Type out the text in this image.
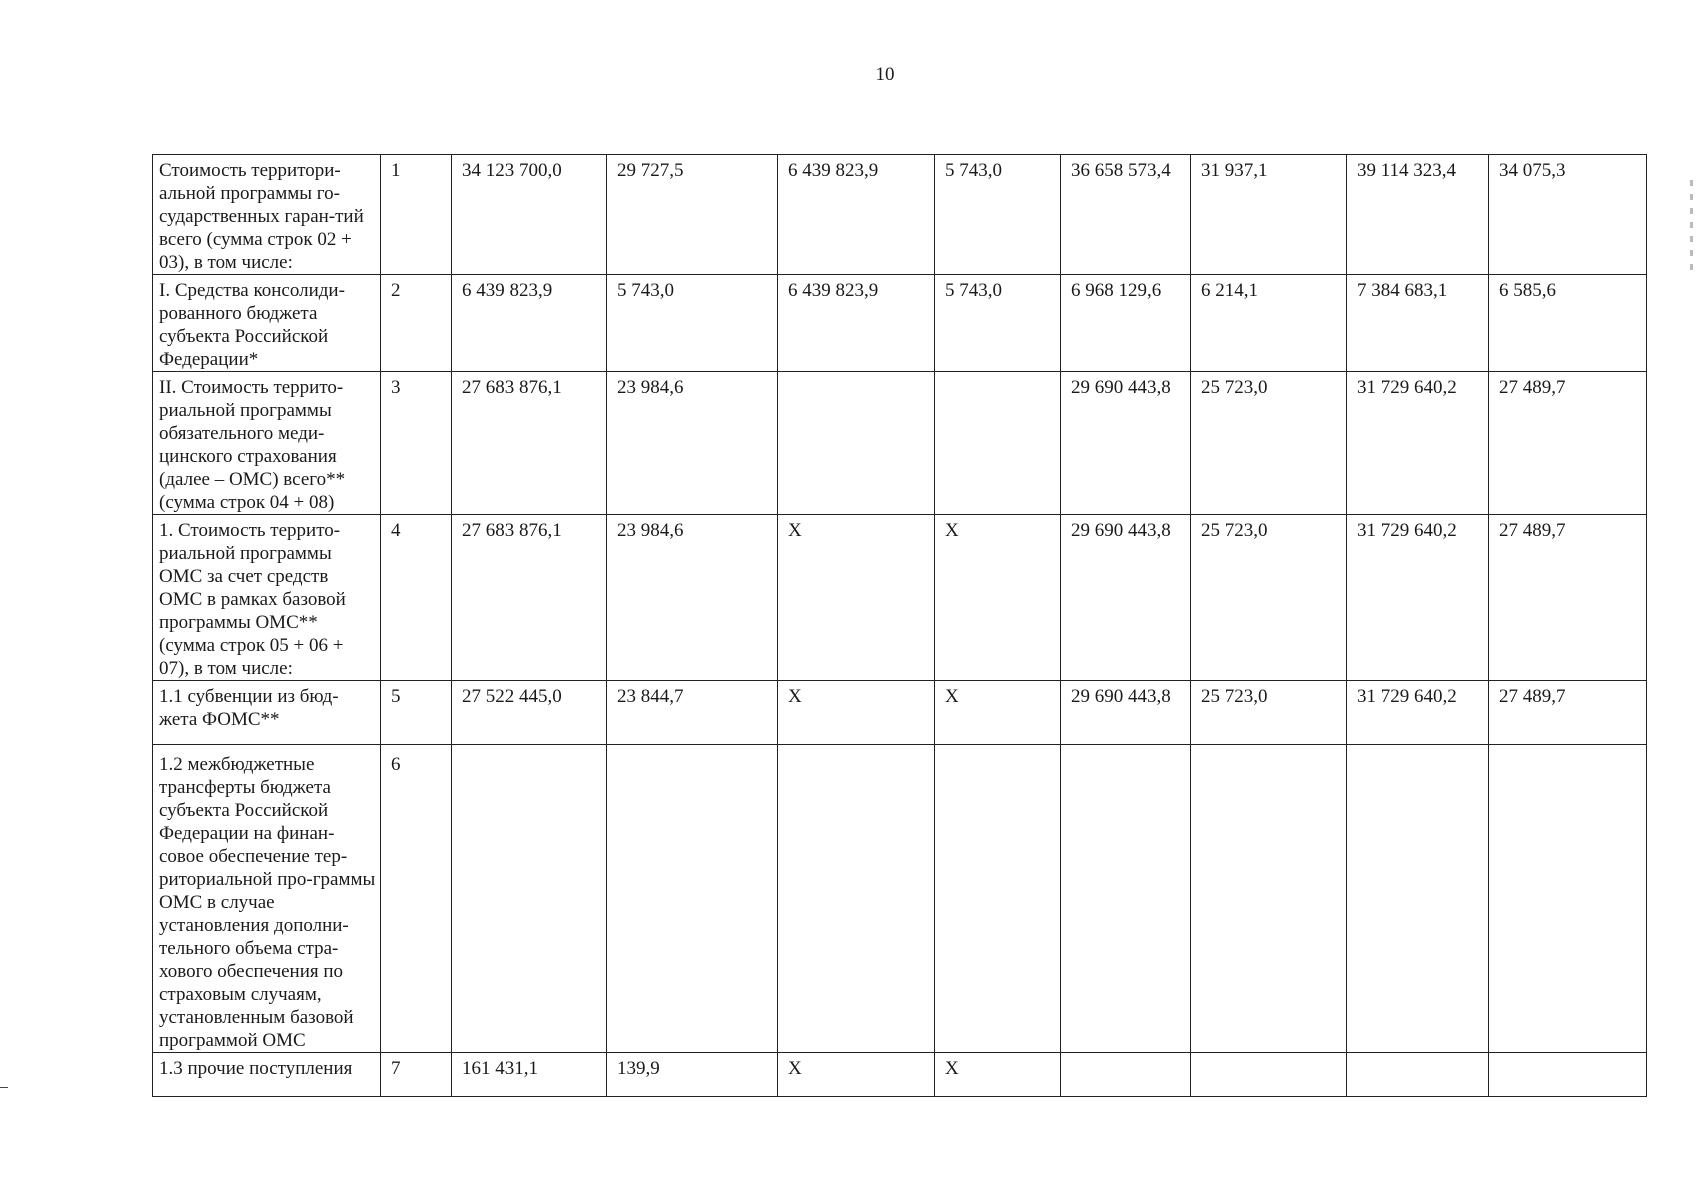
10
Стоимость территори-альной программы го-сударственных гаран-тий всего (сумма строк 02 + 03), в том числе:	1	34 123 700,0	29 727,5	6 439 823,9	5 743,0	36 658 573,4	31 937,1	39 114 323,4	34 075,3
I. Средства консолиди-рованного бюджета субъекта Российской Федерации*	2	6 439 823,9	5 743,0	6 439 823,9	5 743,0	6 968 129,6	6 214,1	7 384 683,1	6 585,6
II. Стоимость террито-риальной программы обязательного меди-цинского страхования (далее – ОМС) всего** (сумма строк 04 + 08)	3	27 683 876,1	23 984,6			29 690 443,8	25 723,0	31 729 640,2	27 489,7
1. Стоимость террито-риальной программы ОМС за счет средств ОМС в рамках базовой программы ОМС** (сумма строк 05 + 06 + 07), в том числе:	4	27 683 876,1	23 984,6	Х	Х	29 690 443,8	25 723,0	31 729 640,2	27 489,7
1.1 субвенции из бюд-жета ФОМС**	5	27 522 445,0	23 844,7	Х	Х	29 690 443,8	25 723,0	31 729 640,2	27 489,7
1.2 межбюджетные трансферты бюджета субъекта Российской Федерации на финан-совое обеспечение тер-риториальной про-граммы ОМС в случае установления дополни-тельного объема стра-хового обеспечения по страховым случаям, установленным базовой программой ОМС	6								
1.3 прочие поступления	7	161 431,1	139,9	Х	Х				
